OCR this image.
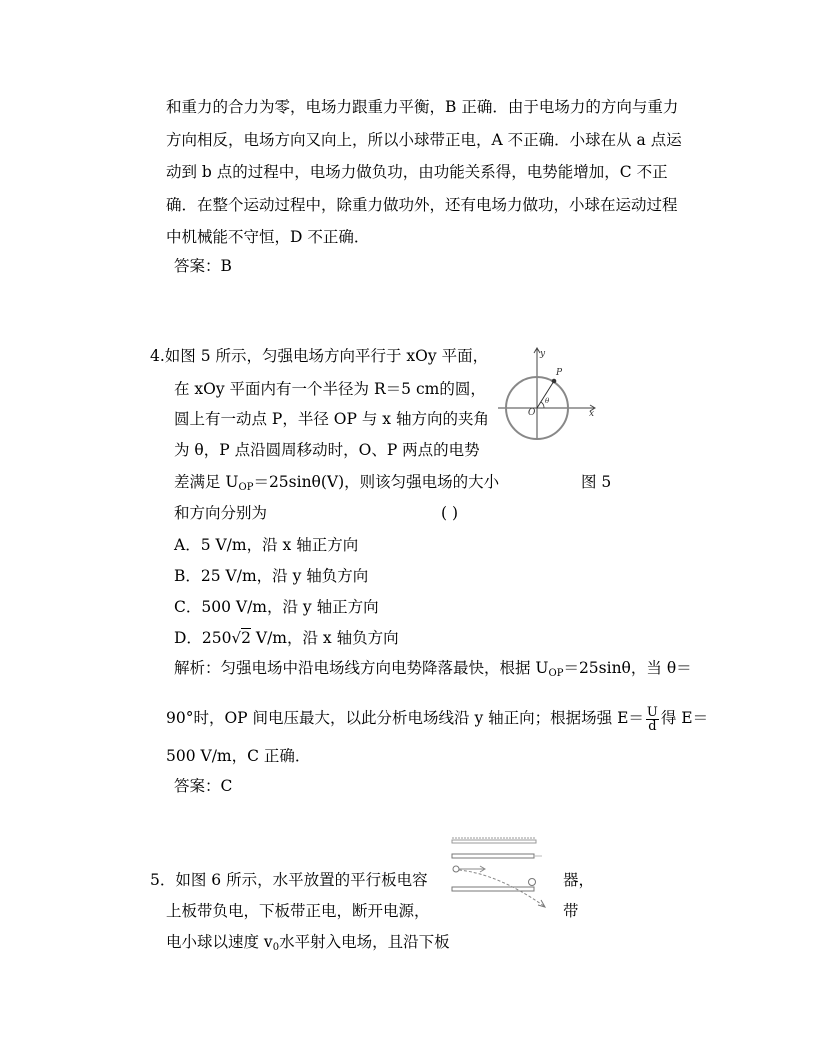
和重力的合力为零，电场力跟重力平衡，B 正确．由于电场力的方向与重力
方向相反，电场方向又向上，所以小球带正电，A 不正确．小球在从 a 点运
动到 b 点的过程中，电场力做负功，由功能关系得，电势能增加，C 不正
确．在整个运动过程中，除重力做功外，还有电场力做功，小球在运动过程
中机械能不守恒，D 不正确．
答案：B
4.如图 5 所示，匀强电场方向平行于 xOy 平面，
在 xOy 平面内有一个半径为 R＝5 cm的圆，
圆上有一动点 P，半径 OP 与 x 轴方向的夹角
为 θ，P 点沿圆周移动时，O、P 两点的电势
差满足 $U_{OP}=25\sin\theta(V)$，则该匀强电场的大小	图 5
和方向分别为	( )
A．5 V/m，沿 x 轴正方向
B．25 V/m，沿 y 轴负方向
C．500 V/m，沿 y 轴正方向
D．250√2 V/m，沿 x 轴负方向
解析：匀强电场中沿电场线方向电势降落最快，根据 $U_{OP}=25\sin\theta$，当 θ＝
90°时，OP 间电压最大，以此分析电场线沿 y 轴正向；根据场强 $E= \frac{U}{d}$ 得 E＝
500 V/m，C 正确．
答案：C
y
x
P
O
θ
5．如图 6 所示，水平放置的平行板电容	器，
上板带负电，下板带正电，断开电源，	带
电小球以速度 $v_0$水平射入电场，且沿下板
